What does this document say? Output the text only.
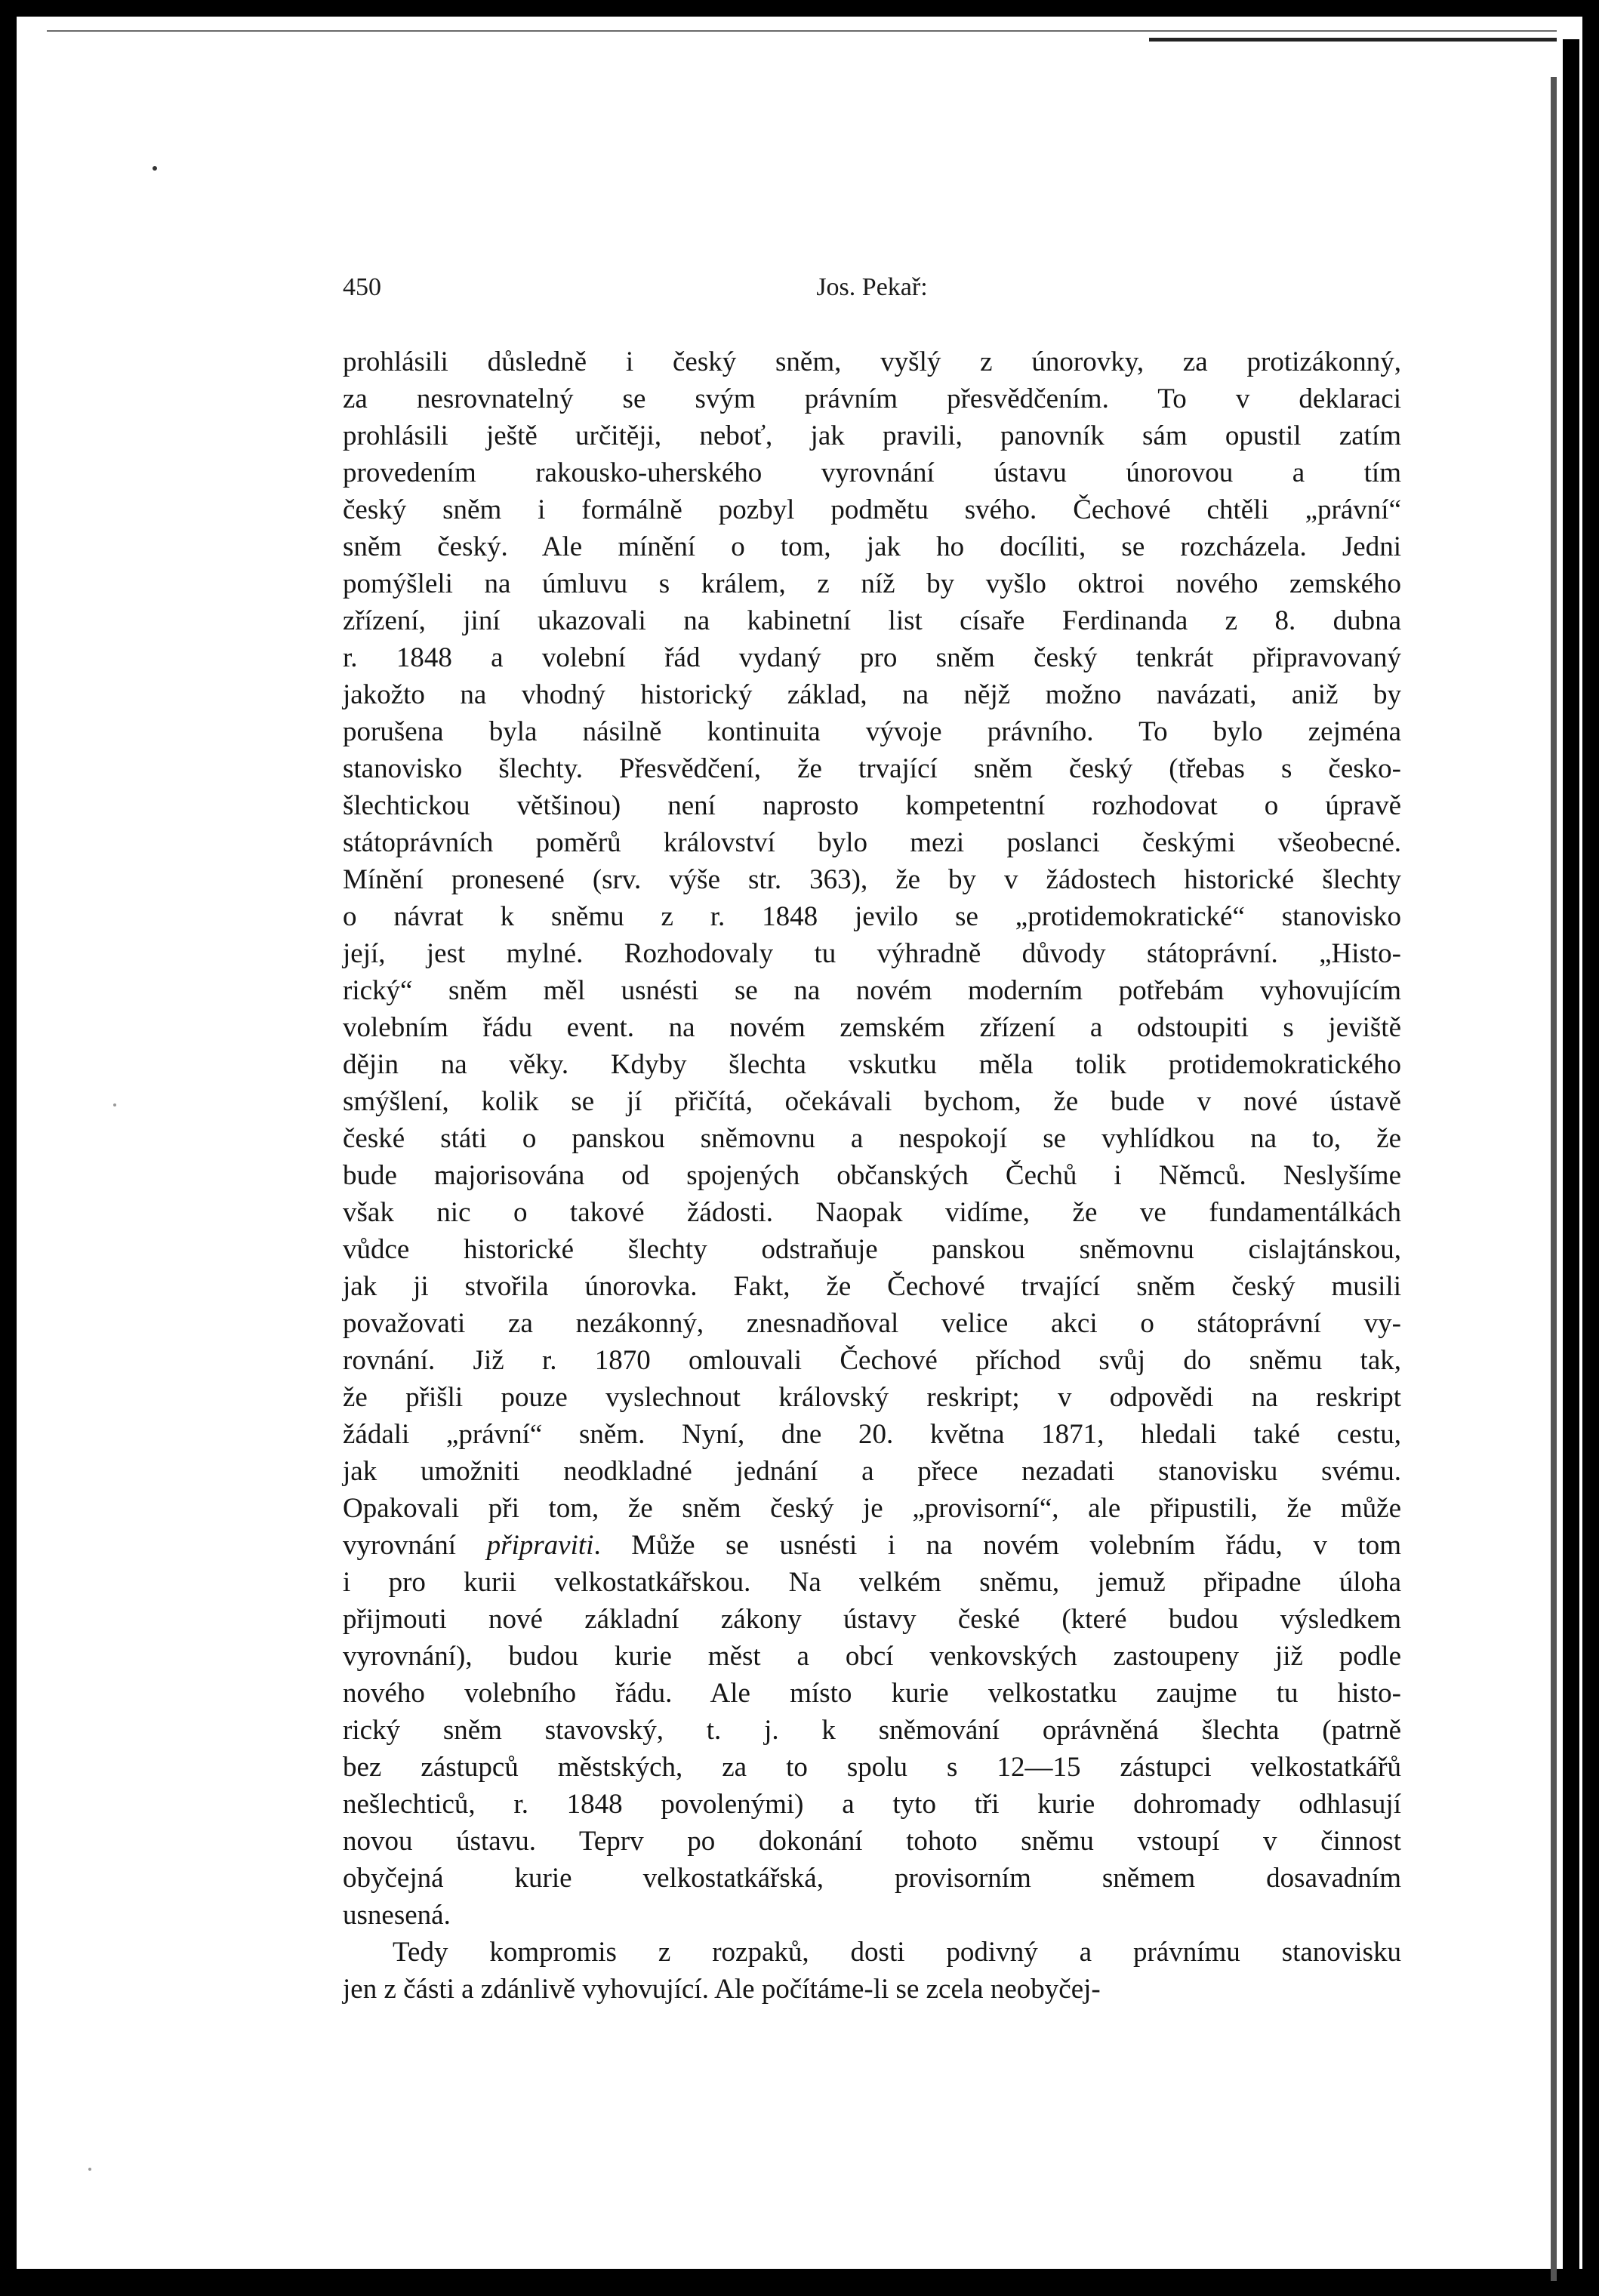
450	Jos. Pekař:
prohlásili důsledně i český sněm, vyšlý z únorovky, za protizákonný,
za nesrovnatelný se svým právním přesvědčením. To v deklaraci
prohlásili ještě určitěji, neboť, jak pravili, panovník sám opustil zatím
provedením rakousko-uherského vyrovnání ústavu únorovou a tím
český sněm i formálně pozbyl podmětu svého. Čechové chtěli „právní“
sněm český. Ale mínění o tom, jak ho docíliti, se rozcházela. Jedni
pomýšleli na úmluvu s králem, z níž by vyšlo oktroi nového zemského
zřízení, jiní ukazovali na kabinetní list císaře Ferdinanda z 8. dubna
r. 1848 a volební řád vydaný pro sněm český tenkrát připravovaný
jakožto na vhodný historický základ, na nějž možno navázati, aniž by
porušena byla násilně kontinuita vývoje právního. To bylo zejména
stanovisko šlechty. Přesvědčení, že trvající sněm český (třebas s česko-
šlechtickou většinou) není naprosto kompetentní rozhodovat o úpravě
státoprávních poměrů království bylo mezi poslanci českými všeobecné.
Mínění pronesené (srv. výše str. 363), že by v žádostech historické šlechty
o návrat k sněmu z r. 1848 jevilo se „protidemokratické“ stanovisko
její, jest mylné. Rozhodovaly tu výhradně důvody státoprávní. „Histo-
rický“ sněm měl usnésti se na novém moderním potřebám vyhovujícím
volebním řádu event. na novém zemském zřízení a odstoupiti s jeviště
dějin na věky. Kdyby šlechta vskutku měla tolik protidemokratického
smýšlení, kolik se jí přičítá, očekávali bychom, že bude v nové ústavě
české státi o panskou sněmovnu a nespokojí se vyhlídkou na to, že
bude majorisována od spojených občanských Čechů i Němců. Neslyšíme
však nic o takové žádosti. Naopak vidíme, že ve fundamentálkách
vůdce historické šlechty odstraňuje panskou sněmovnu cislajtánskou,
jak ji stvořila únorovka. Fakt, že Čechové trvající sněm český musili
považovati za nezákonný, znesnadňoval velice akci o státoprávní vy-
rovnání. Již r. 1870 omlouvali Čechové příchod svůj do sněmu tak,
že přišli pouze vyslechnout královský reskript; v odpovědi na reskript
žádali „právní“ sněm. Nyní, dne 20. května 1871, hledali také cestu,
jak umožniti neodkladné jednání a přece nezadati stanovisku svému.
Opakovali při tom, že sněm český je „provisorní“, ale připustili, že může
vyrovnání připraviti. Může se usnésti i na novém volebním řádu, v tom
i pro kurii velkostatkářskou. Na velkém sněmu, jemuž připadne úloha
přijmouti nové základní zákony ústavy české (které budou výsledkem
vyrovnání), budou kurie měst a obcí venkovských zastoupeny již podle
nového volebního řádu. Ale místo kurie velkostatku zaujme tu histo-
rický sněm stavovský, t. j. k sněmování oprávněná šlechta (patrně
bez zástupců městských, za to spolu s 12—15 zástupci velkostatkářů
nešlechticů, r. 1848 povolenými) a tyto tři kurie dohromady odhlasují
novou ústavu. Teprv po dokonání tohoto sněmu vstoupí v činnost
obyčejná kurie velkostatkářská, provisorním sněmem dosavadním
usnesená.
Tedy kompromis z rozpaků, dosti podivný a právnímu stanovisku
jen z části a zdánlivě vyhovující. Ale počítáme-li se zcela neobyčej-
